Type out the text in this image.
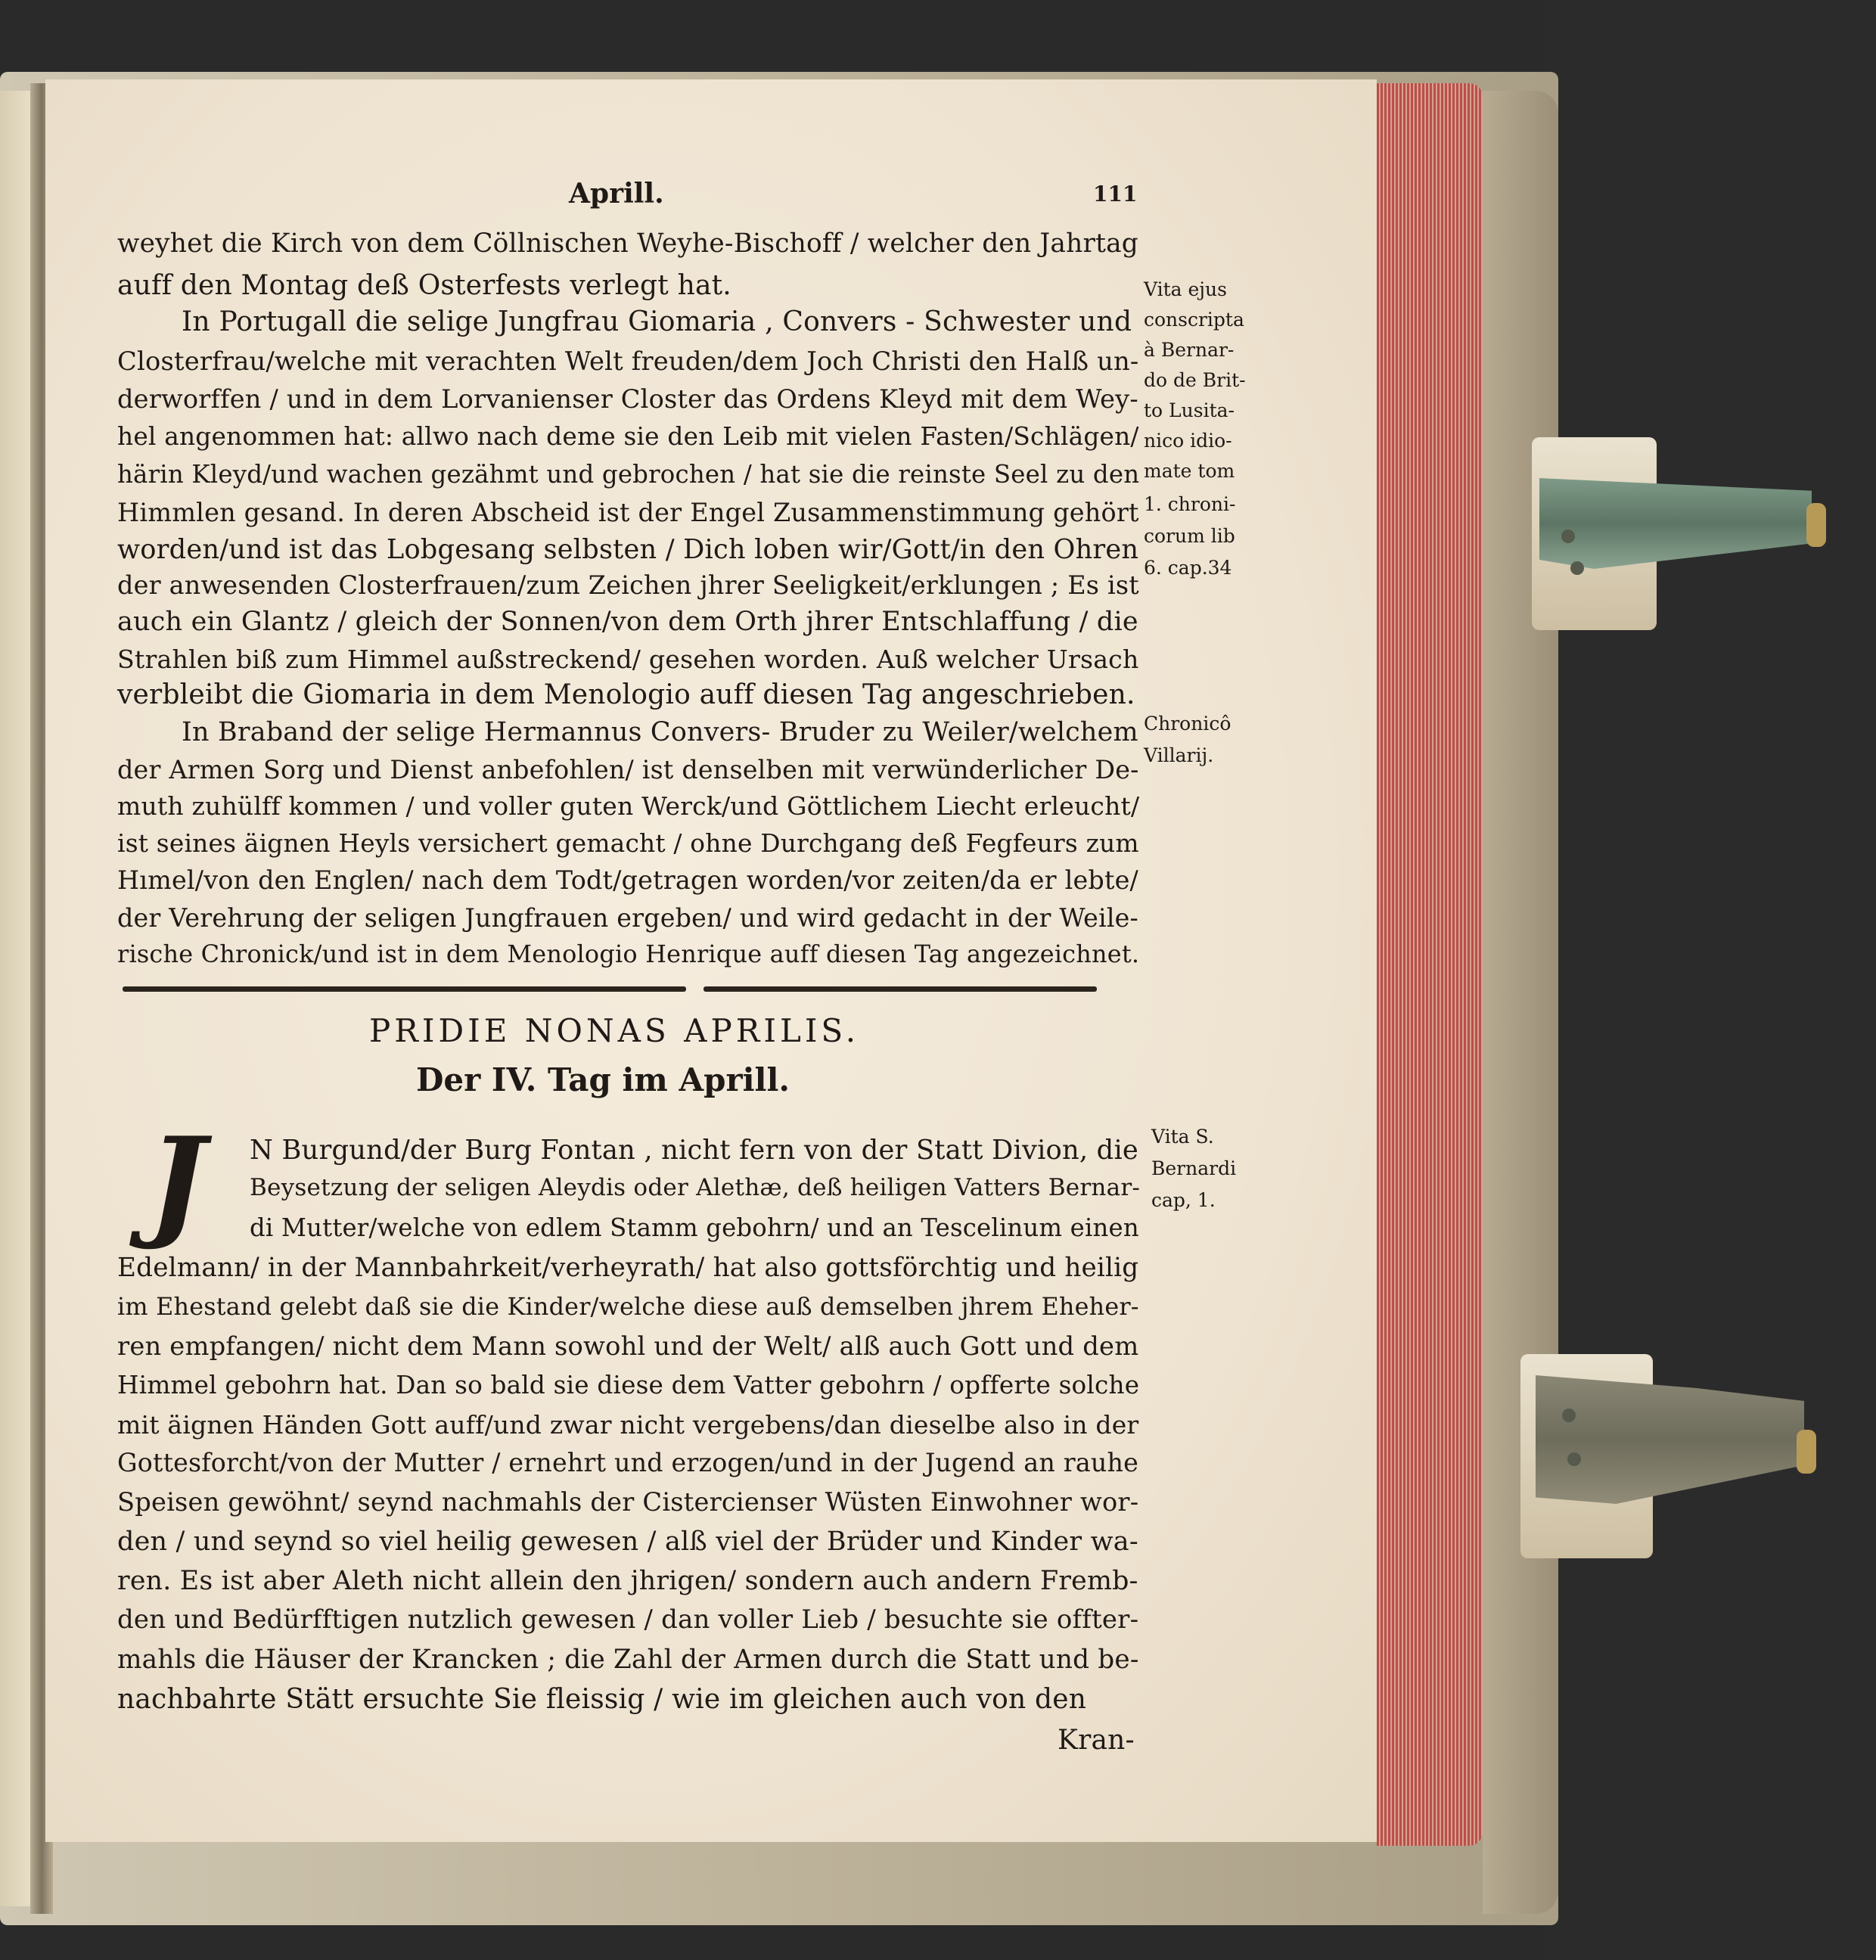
Aprill.	111
weyhet die Kirch von dem Cöllnischen Weyhe-Bischoff / welcher den Jahrtag
auff den Montag deß Osterfests verlegt hat.
In Portugall die selige Jungfrau Giomaria , Convers - Schwester und
Closterfrau/welche mit verachten Welt freuden/dem Joch Christi den Halß un-
derworffen / und in dem Lorvanienser Closter das Ordens Kleyd mit dem Wey-
hel angenommen hat: allwo nach deme sie den Leib mit vielen Fasten/Schlägen/
härin Kleyd/und wachen gezähmt und gebrochen / hat sie die reinste Seel zu den
Himmlen gesand. In deren Abscheid ist der Engel Zusammenstimmung gehört
worden/und ist das Lobgesang selbsten / Dich loben wir/Gott/in den Ohren
der anwesenden Closterfrauen/zum Zeichen jhrer Seeligkeit/erklungen ; Es ist
auch ein Glantz / gleich der Sonnen/von dem Orth jhrer Entschlaffung / die
Strahlen biß zum Himmel außstreckend/ gesehen worden. Auß welcher Ursach
verbleibt die Giomaria in dem Menologio auff diesen Tag angeschrieben.
In Braband der selige Hermannus Convers- Bruder zu Weiler/welchem
der Armen Sorg und Dienst anbefohlen/ ist denselben mit verwünderlicher De-
muth zuhülff kommen / und voller guten Werck/und Göttlichem Liecht erleucht/
ist seines äignen Heyls versichert gemacht / ohne Durchgang deß Fegfeurs zum
Hımel/von den Englen/ nach dem Todt/getragen worden/vor zeiten/da er lebte/
der Verehrung der seligen Jungfrauen ergeben/ und wird gedacht in der Weile-
rische Chronick/und ist in dem Menologio Henrique auff diesen Tag angezeichnet.
Vita ejus
conscripta
à Bernar-
do de Brit-
to Lusita-
nico idio-
mate tom
1. chroni-
corum lib
6. cap.34
Chronicô
Villarij.
PRIDIE NONAS APRILIS.
Der IV. Tag im Aprill.
J	N Burgund/der Burg Fontan , nicht fern von der Statt Divion, die
Beysetzung der seligen Aleydis oder Alethæ, deß heiligen Vatters Bernar-
di Mutter/welche von edlem Stamm gebohrn/ und an Tescelinum einen
Edelmann/ in der Mannbahrkeit/verheyrath/ hat also gottsförchtig und heilig
im Ehestand gelebt daß sie die Kinder/welche diese auß demselben jhrem Eheher-
ren empfangen/ nicht dem Mann sowohl und der Welt/ alß auch Gott und dem
Himmel gebohrn hat. Dan so bald sie diese dem Vatter gebohrn / opfferte solche
mit äignen Händen Gott auff/und zwar nicht vergebens/dan dieselbe also in der
Gottesforcht/von der Mutter / ernehrt und erzogen/und in der Jugend an rauhe
Speisen gewöhnt/ seynd nachmahls der Cistercienser Wüsten Einwohner wor-
den / und seynd so viel heilig gewesen / alß viel der Brüder und Kinder wa-
ren. Es ist aber Aleth nicht allein den jhrigen/ sondern auch andern Fremb-
den und Bedürfftigen nutzlich gewesen / dan voller Lieb / besuchte sie offter-
mahls die Häuser der Krancken ; die Zahl der Armen durch die Statt und be-
nachbahrte Stätt ersuchte Sie fleissig / wie im gleichen auch von den
Kran-
Vita S.
Bernardi
cap, 1.
